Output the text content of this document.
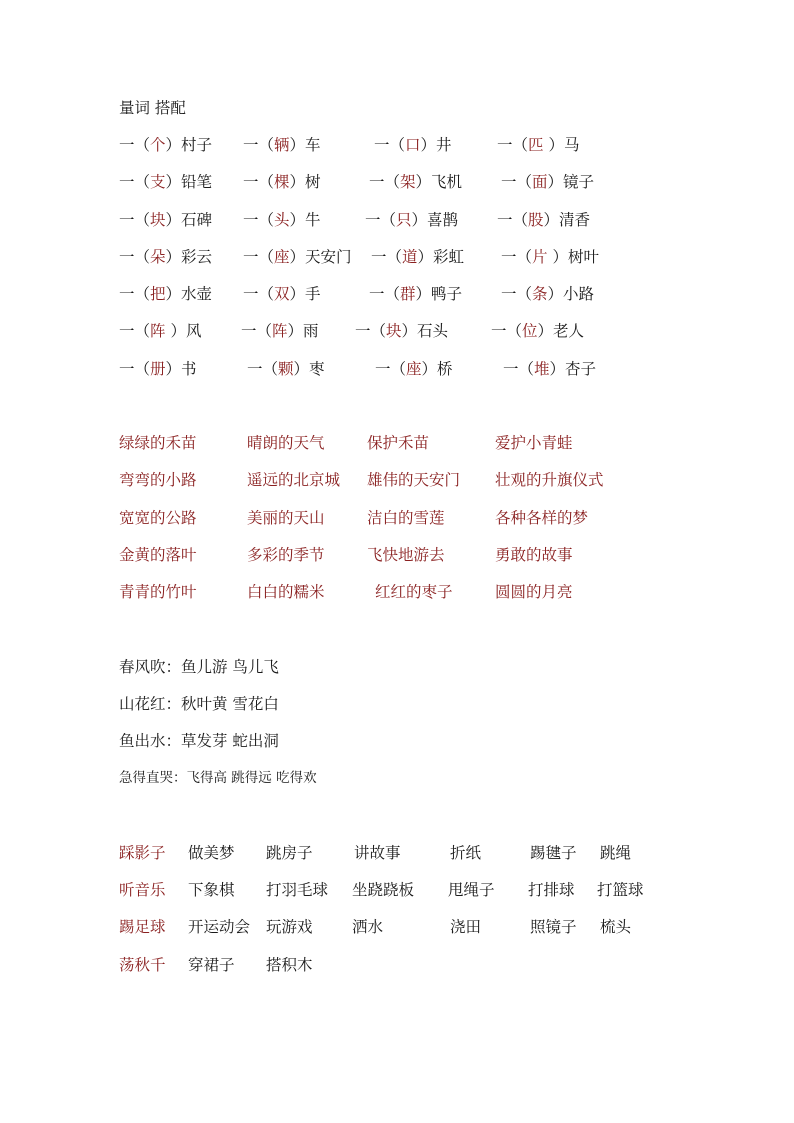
量词 搭配
一（个）村子 一（辆）车	一（口）井	一（匹 ）马
一（支）铅笔 一（棵）树	一（架）飞机	一（面）镜子
一（块）石碑 一（头）牛	一（只）喜鹊	一（股）清香
一（朵）彩云 一（座）天安门 一（道）彩虹 一（片 ）树叶
一（把）水壶 一（双）手	一（群）鸭子	一（条）小路
一（阵 ）风	一（阵）雨 一（块）石头	一（位）老人
一（册）书	一（颗）枣	一（座）桥	一（堆）杏子
绿绿的禾苗	晴朗的天气	保护禾苗	爱护小青蛙
弯弯的小路	遥远的北京城 雄伟的天安门 壮观的升旗仪式
宽宽的公路	美丽的天山	洁白的雪莲	各种各样的梦
金黄的落叶	多彩的季节	飞快地游去	勇敢的故事
青青的竹叶	白白的糯米	红红的枣子	圆圆的月亮
春风吹：鱼儿游 鸟儿飞
山花红：秋叶黄 雪花白
鱼出水：草发芽 蛇出洞
急得直哭：飞得高 跳得远 吃得欢
踩影子 做美梦 跳房子	讲故事	折纸	踢毽子 跳绳
听音乐 下象棋 打羽毛球 坐跷跷板 甩绳子 打排球 打篮球
踢足球 开运动会 玩游戏	洒水	浇田	照镜子 梳头
荡秋千 穿裙子 搭积木
